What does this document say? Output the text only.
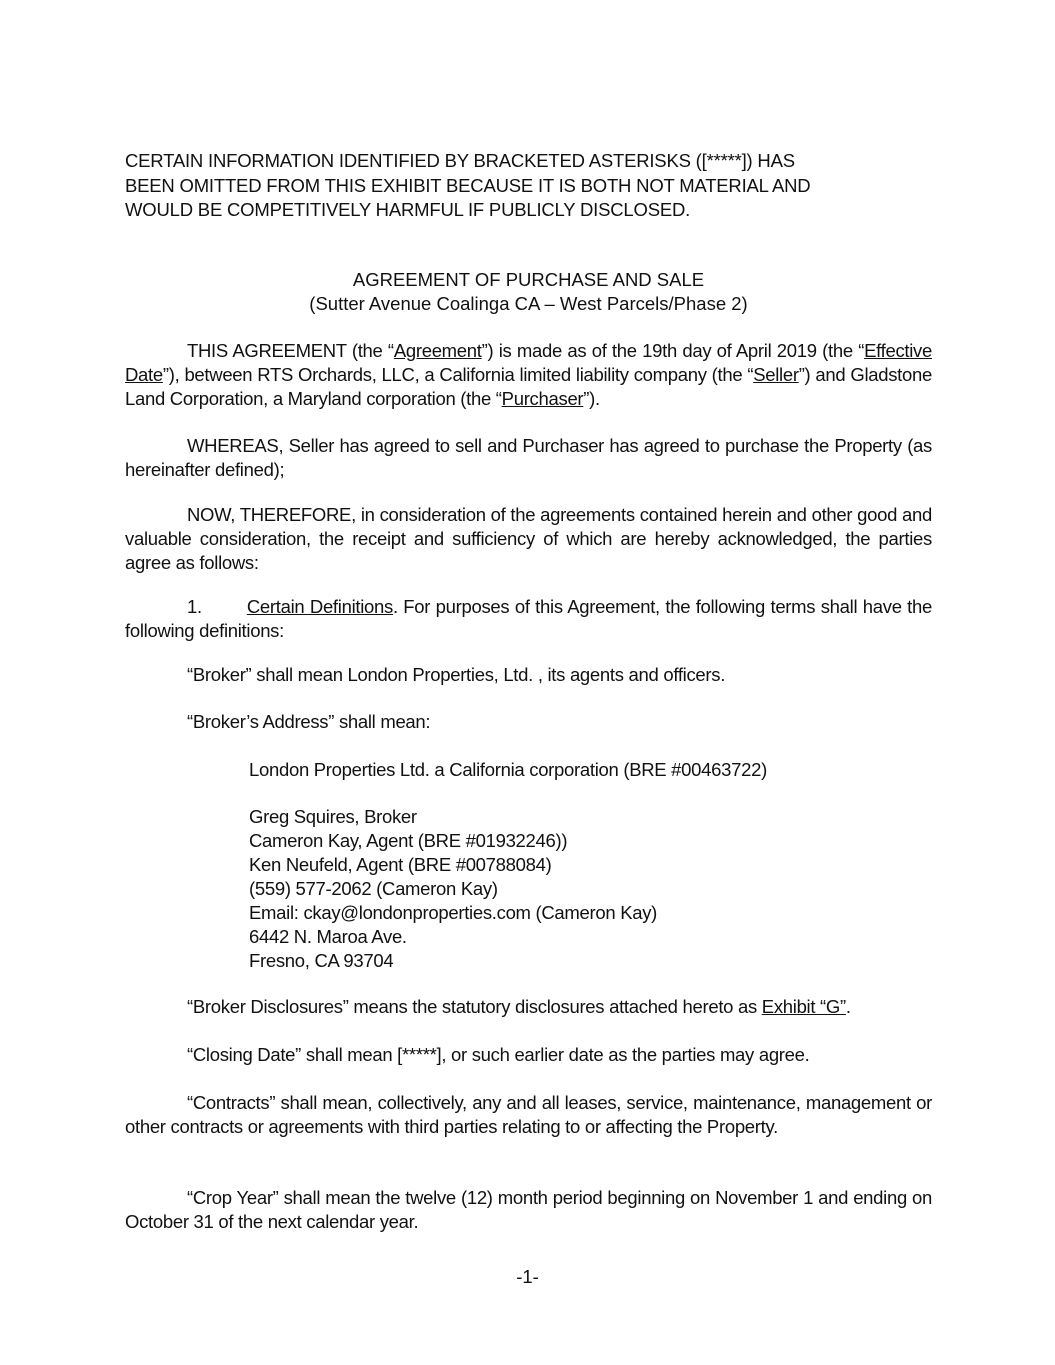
CERTAIN INFORMATION IDENTIFIED BY BRACKETED ASTERISKS ([*****]) HAS
BEEN OMITTED FROM THIS EXHIBIT BECAUSE IT IS BOTH NOT MATERIAL AND
WOULD BE COMPETITIVELY HARMFUL IF PUBLICLY DISCLOSED.
AGREEMENT OF PURCHASE AND SALE
(Sutter Avenue Coalinga CA – West Parcels/Phase 2)
THIS AGREEMENT (the “Agreement”) is made as of the 19th day of April 2019 (the “Effective Date”), between RTS Orchards, LLC, a California limited liability company (the “Seller”) and Gladstone Land Corporation, a Maryland corporation (the “Purchaser”).
WHEREAS, Seller has agreed to sell and Purchaser has agreed to purchase the Property (as hereinafter defined);
NOW, THEREFORE, in consideration of the agreements contained herein and other good and valuable consideration, the receipt and sufficiency of which are hereby acknowledged, the parties agree as follows:
1. Certain Definitions. For purposes of this Agreement, the following terms shall have the following definitions:
“Broker” shall mean London Properties, Ltd. , its agents and officers.
“Broker’s Address” shall mean:
London Properties Ltd. a California corporation (BRE #00463722)
Greg Squires, Broker
Cameron Kay, Agent (BRE #01932246))
Ken Neufeld, Agent (BRE #00788084)
(559) 577-2062 (Cameron Kay)
Email: ckay@londonproperties.com (Cameron Kay)
6442 N. Maroa Ave.
Fresno, CA 93704
“Broker Disclosures” means the statutory disclosures attached hereto as Exhibit “G”.
“Closing Date” shall mean [*****], or such earlier date as the parties may agree.
“Contracts” shall mean, collectively, any and all leases, service, maintenance, management or other contracts or agreements with third parties relating to or affecting the Property.
“Crop Year” shall mean the twelve (12) month period beginning on November 1 and ending on October 31 of the next calendar year.
-1-
